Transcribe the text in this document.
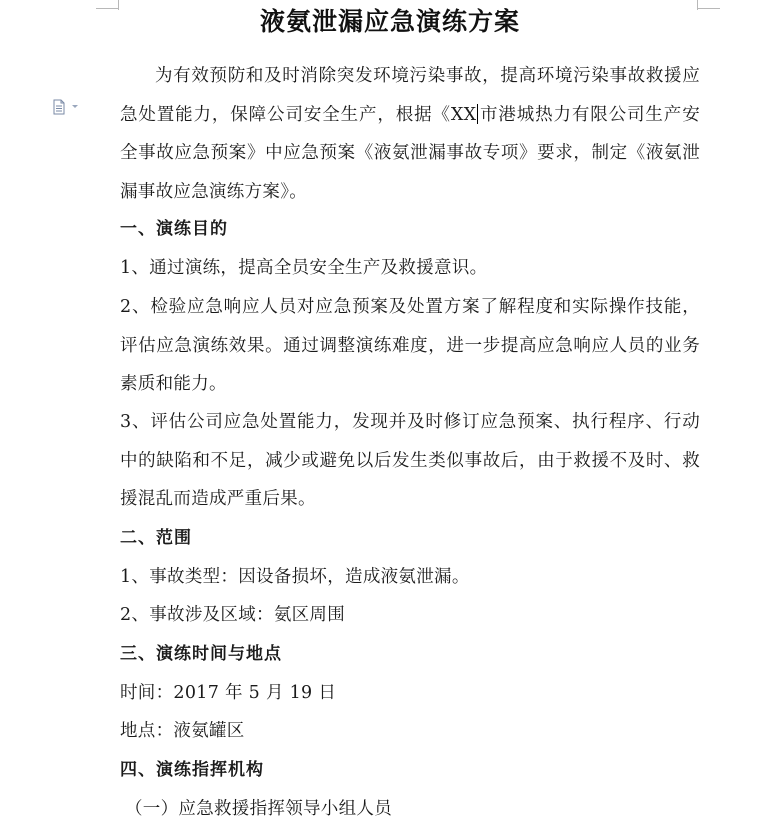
液氨泄漏应急演练方案
为有效预防和及时消除突发环境污染事故，提高环境污染事故救援应急处置能力，保障公司安全生产，根据《XX 市港城热力有限公司生产安全事故应急预案》中应急预案《液氨泄漏事故专项》要求，制定《液氨泄漏事故应急演练方案》。
一、演练目的
1、通过演练，提高全员安全生产及救援意识。
2、检验应急响应人员对应急预案及处置方案了解程度和实际操作技能，评估应急演练效果。通过调整演练难度，进一步提高应急响应人员的业务素质和能力。
3、评估公司应急处置能力，发现并及时修订应急预案、执行程序、行动中的缺陷和不足，减少或避免以后发生类似事故后，由于救援不及时、救援混乱而造成严重后果。
二、范围
1、事故类型：因设备损坏，造成液氨泄漏。
2、事故涉及区域：氨区周围
三、演练时间与地点
时间：2017 年 5 月 19 日
地点：液氨罐区
四、演练指挥机构
（一）应急救援指挥领导小组人员
